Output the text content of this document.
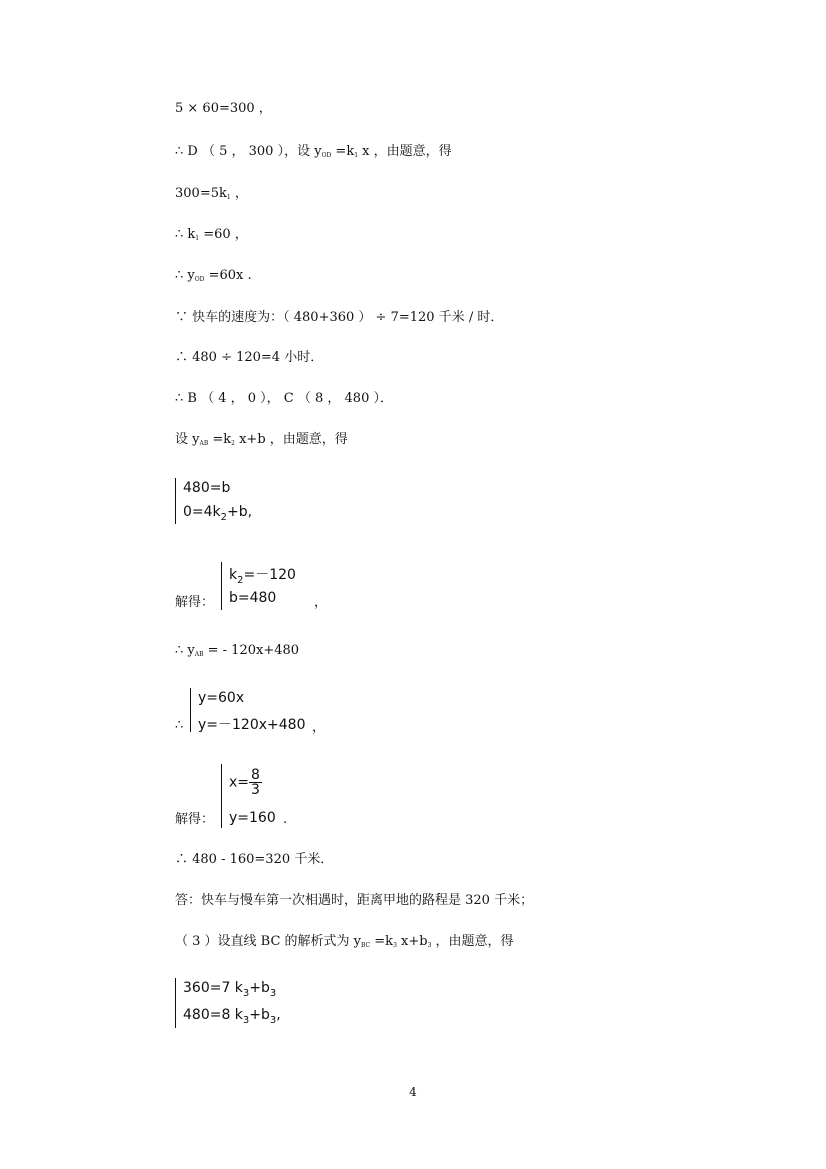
5 × 60=300 ，
∴ D （ 5 ， 300 ），设 $y_{OD} =k_1$ x ，由题意，得
$300=5k_1$ ，
∴ $k_1 =60$ ，
∴ $y_{OD} =60x$ .
∵ 快车的速度为：（ 480+360 ） ÷ 7=120 千米 / 时．
∴ 480 ÷ 120=4 小时．
∴ B （ 4 ， 0 ）， C （ 8 ， 480 ）．
设 $y_{AB} =k_2$ x+b ，由题意，得
480=b
$0=4k_2+b$,
解得：
$k_2=-120$
b=480	，
∴ $y_{AB}$ = - 120x+480
∴
y=60x
y=－120x+480 ，
解得：
$x= \frac{8}{3}$
y=160 .
∴ 480 - 160=320 千米．
答：快车与慢车第一次相遇时，距离甲地的路程是 320 千米；
（ 3 ）设直线 BC 的解析式为 $y_{BC} =k_3$ $x+b_3$ ，由题意，得
360=7 $k_3+b_3$
480=8 $k_3+b_3$,
4
